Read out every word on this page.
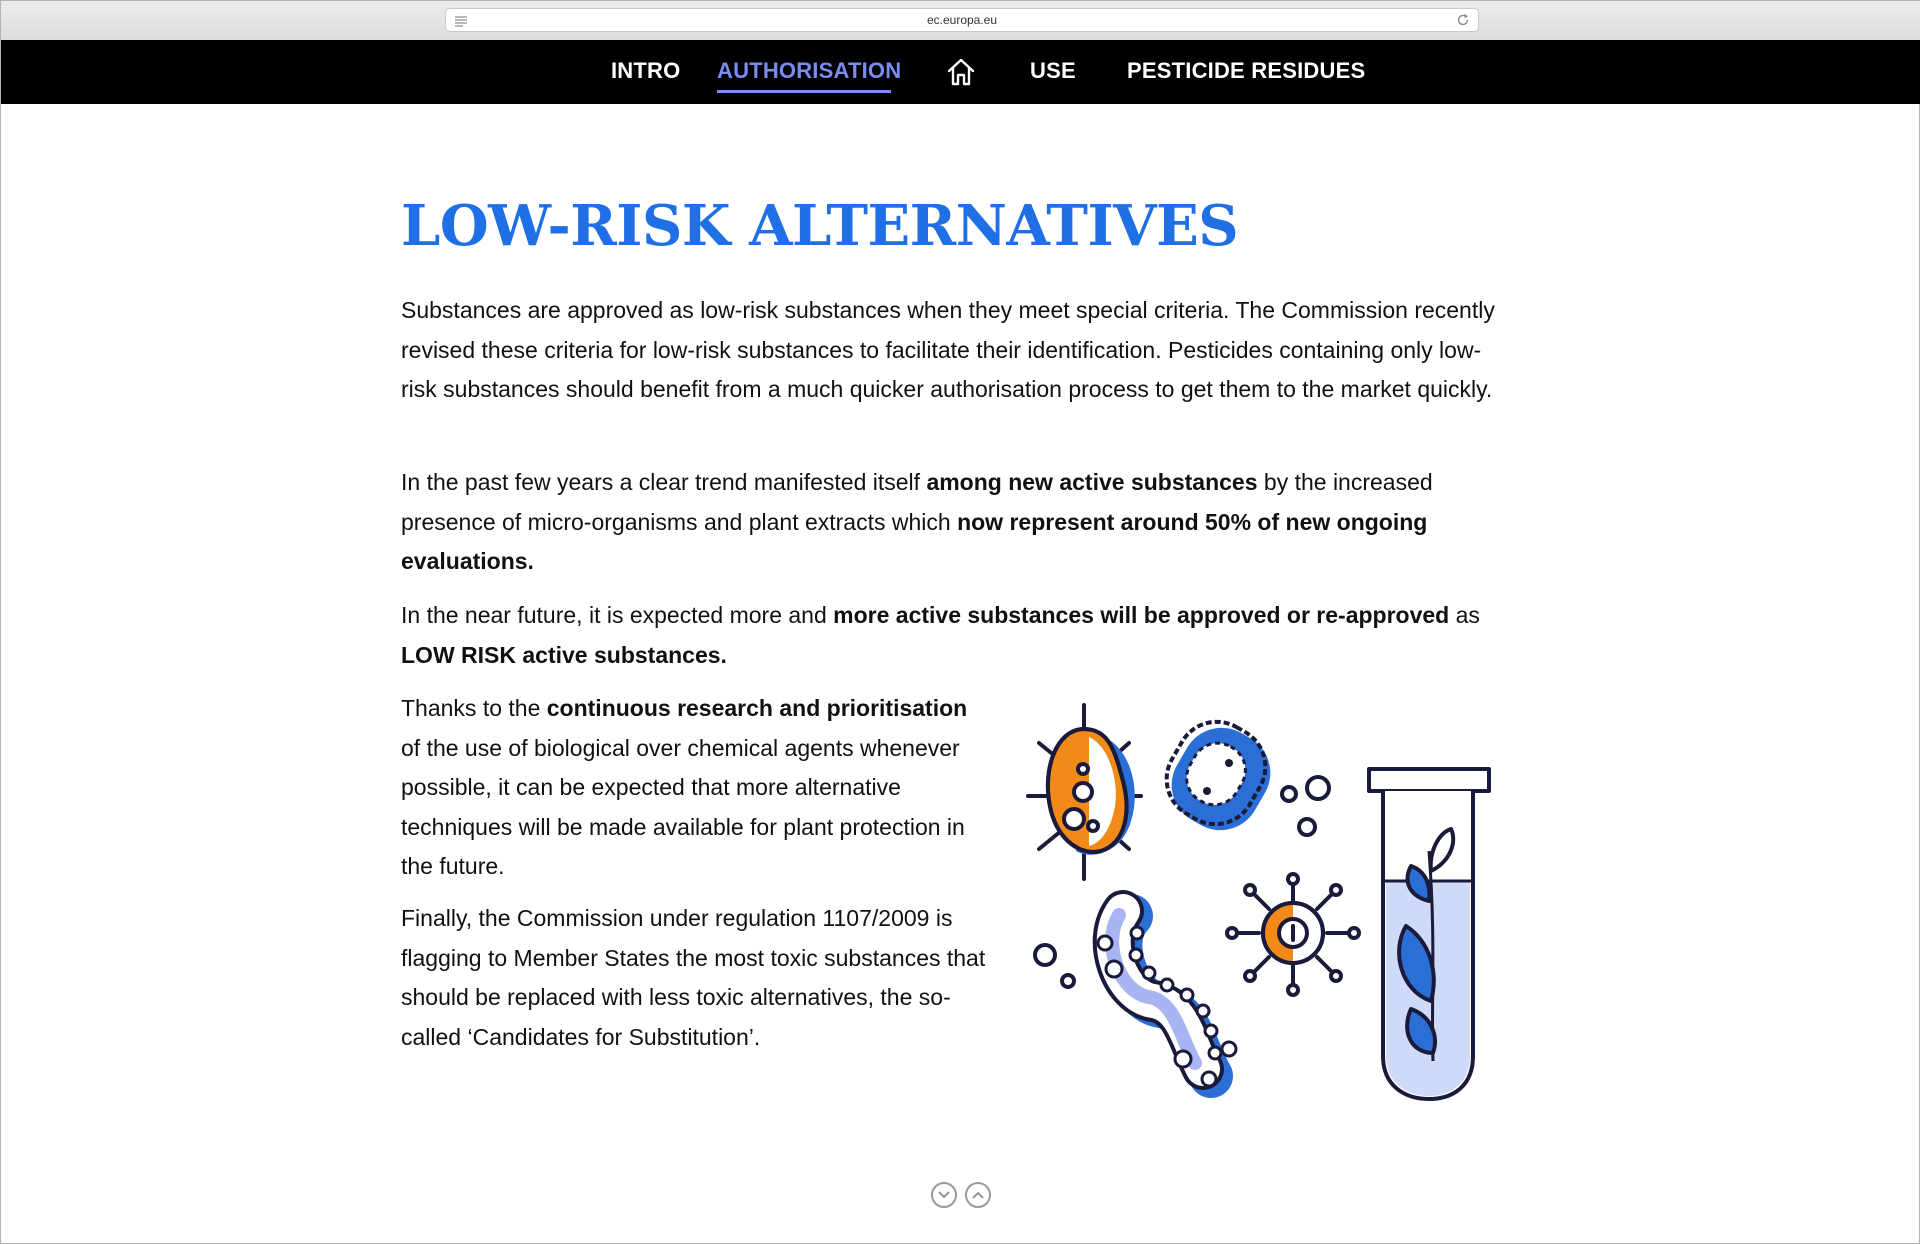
ec.europa.eu
INTRO AUTHORISATION	USE PESTICIDE RESIDUES
LOW-RISK ALTERNATIVES

Substances are approved as low-risk substances when they meet special criteria. The Commission recently revised these criteria for low-risk substances to facilitate their identification. Pesticides containing only low-risk substances should benefit from a much quicker authorisation process to get them to the market quickly.

In the past few years a clear trend manifested itself among new active substances by the increased presence of micro-organisms and plant extracts which now represent around 50% of new ongoing evaluations.

In the near future, it is expected more and more active substances will be approved or re-approved as LOW RISK active substances.

Thanks to the continuous research and prioritisation of the use of biological over chemical agents whenever possible, it can be expected that more alternative techniques will be made available for plant protection in the future.

Finally, the Commission under regulation 1107/2009 is flagging to Member States the most toxic substances that should be replaced with less toxic alternatives, the so-called ‘Candidates for Substitution’.
